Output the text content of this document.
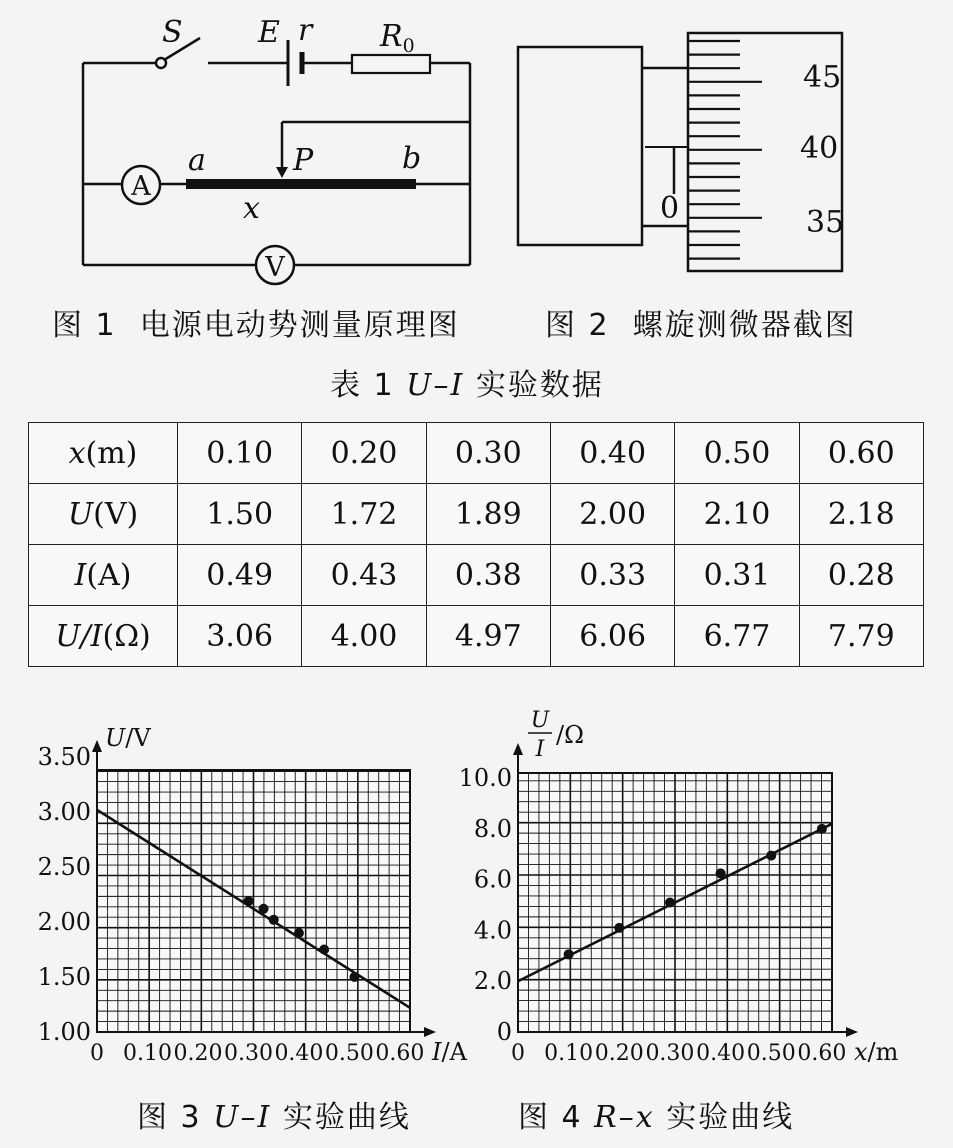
S	E r $R_0$
a	P	b
x
A
V
45
40
35
0
图 1 电源电动势测量原理图	图 2 螺旋测微器截图
表 1 U–I 实验数据
x(m)	0.10	0.20	0.30	0.40	0.50	0.60
U(V)	1.50	1.72	1.89	2.00	2.10	2.18
I(A)	0.49	0.43	0.38	0.33	0.31	0.28
U/I(Ω)	3.06	4.00	4.97	6.06	6.77	7.79
0 0.10 0.20 0.30 0.40 0.50 0.60
1.00
1.50
2.00
2.50
3.00
3.50
I/A
U/V
0 0.10 0.20 0.30 0.40 0.50 0.60
0
2.0
4.0
6.0
8.0
10.0
x/m
U
I
/Ω
图 3 U–I 实验曲线	图 4 R–x 实验曲线
